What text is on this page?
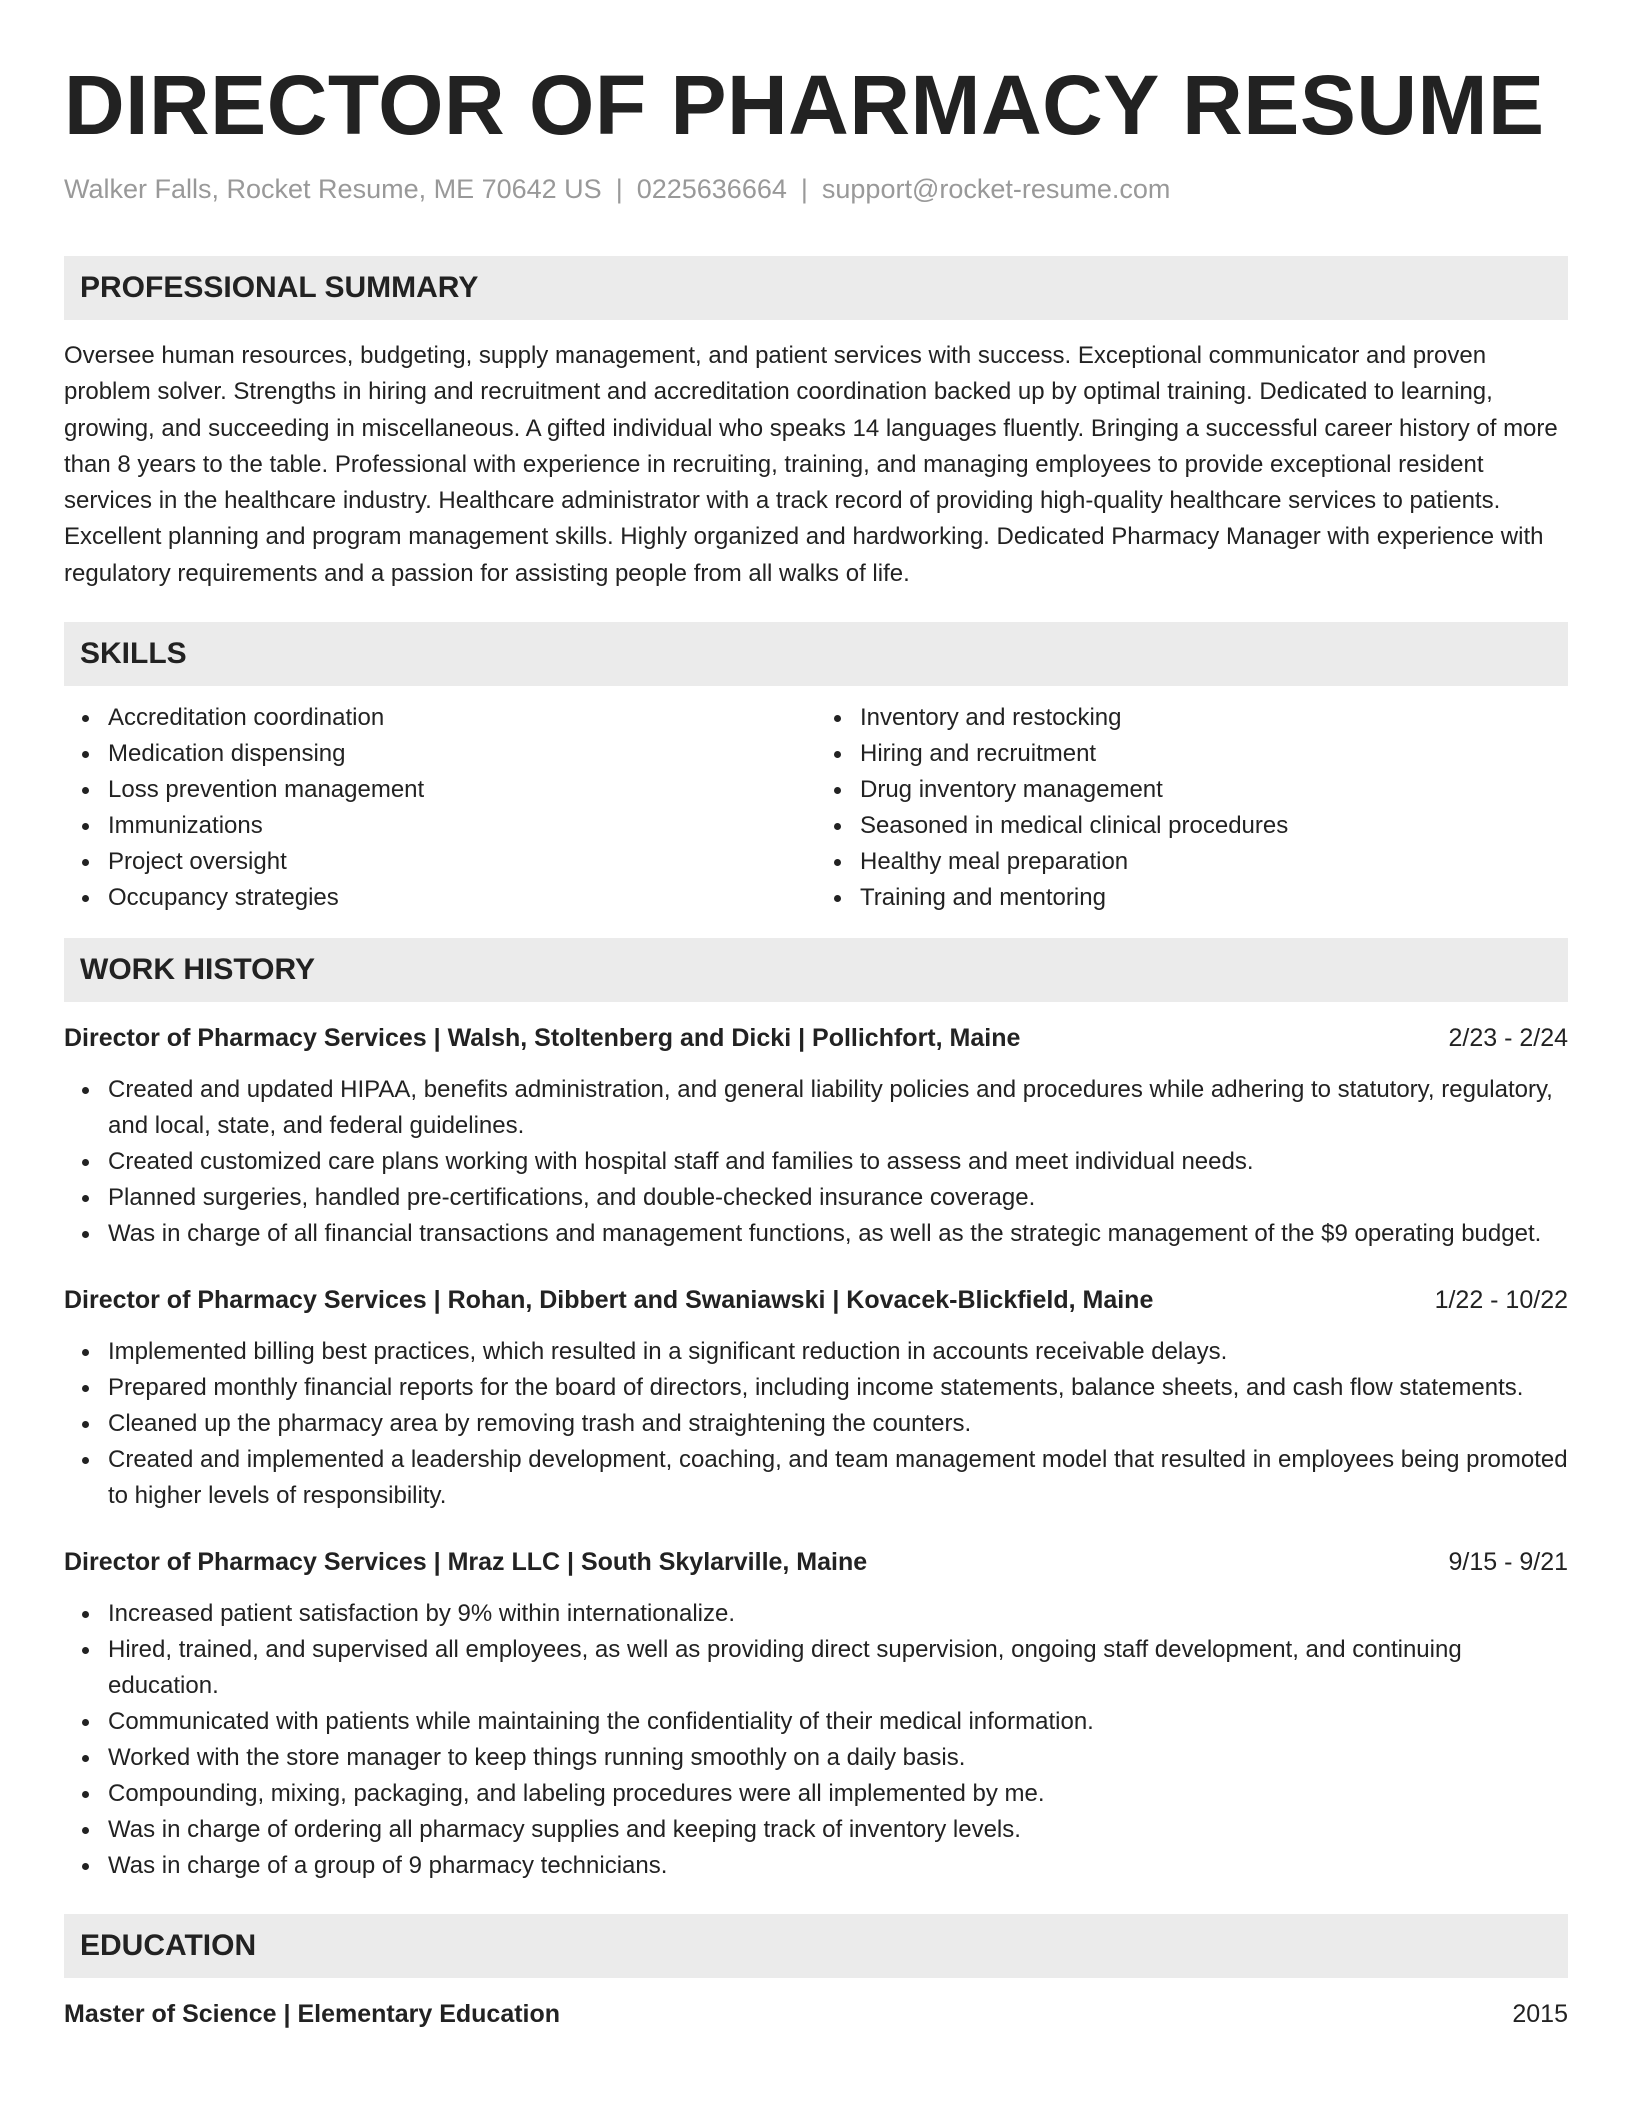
DIRECTOR OF PHARMACY RESUME
Walker Falls, Rocket Resume, ME 70642 US | 0225636664 | support@rocket-resume.com
PROFESSIONAL SUMMARY

Oversee human resources, budgeting, supply management, and patient services with success. Exceptional communicator and proven problem solver. Strengths in hiring and recruitment and accreditation coordination backed up by optimal training. Dedicated to learning, growing, and succeeding in miscellaneous. A gifted individual who speaks 14 languages fluently. Bringing a successful career history of more than 8 years to the table. Professional with experience in recruiting, training, and managing employees to provide exceptional resident services in the healthcare industry. Healthcare administrator with a track record of providing high-quality healthcare services to patients. Excellent planning and program management skills. Highly organized and hardworking. Dedicated Pharmacy Manager with experience with regulatory requirements and a passion for assisting people from all walks of life.

SKILLS
Accreditation coordination
Medication dispensing
Loss prevention management
Immunizations
Project oversight
Occupancy strategies
Inventory and restocking
Hiring and recruitment
Drug inventory management
Seasoned in medical clinical procedures
Healthy meal preparation
Training and mentoring
WORK HISTORY
Director of Pharmacy Services | Walsh, Stoltenberg and Dicki | Pollichfort, Maine	2/23 - 2/24
Created and updated HIPAA, benefits administration, and general liability policies and procedures while adhering to statutory, regulatory, and local, state, and federal guidelines.
Created customized care plans working with hospital staff and families to assess and meet individual needs.
Planned surgeries, handled pre-certifications, and double-checked insurance coverage.
Was in charge of all financial transactions and management functions, as well as the strategic management of the $9 operating budget.
Director of Pharmacy Services | Rohan, Dibbert and Swaniawski | Kovacek-Blickfield, Maine	1/22 - 10/22
Implemented billing best practices, which resulted in a significant reduction in accounts receivable delays.
Prepared monthly financial reports for the board of directors, including income statements, balance sheets, and cash flow statements.
Cleaned up the pharmacy area by removing trash and straightening the counters.
Created and implemented a leadership development, coaching, and team management model that resulted in employees being promoted to higher levels of responsibility.
Director of Pharmacy Services | Mraz LLC | South Skylarville, Maine	9/15 - 9/21
Increased patient satisfaction by 9% within internationalize.
Hired, trained, and supervised all employees, as well as providing direct supervision, ongoing staff development, and continuing education.
Communicated with patients while maintaining the confidentiality of their medical information.
Worked with the store manager to keep things running smoothly on a daily basis.
Compounding, mixing, packaging, and labeling procedures were all implemented by me.
Was in charge of ordering all pharmacy supplies and keeping track of inventory levels.
Was in charge of a group of 9 pharmacy technicians.
EDUCATION
Master of Science | Elementary Education	2015
